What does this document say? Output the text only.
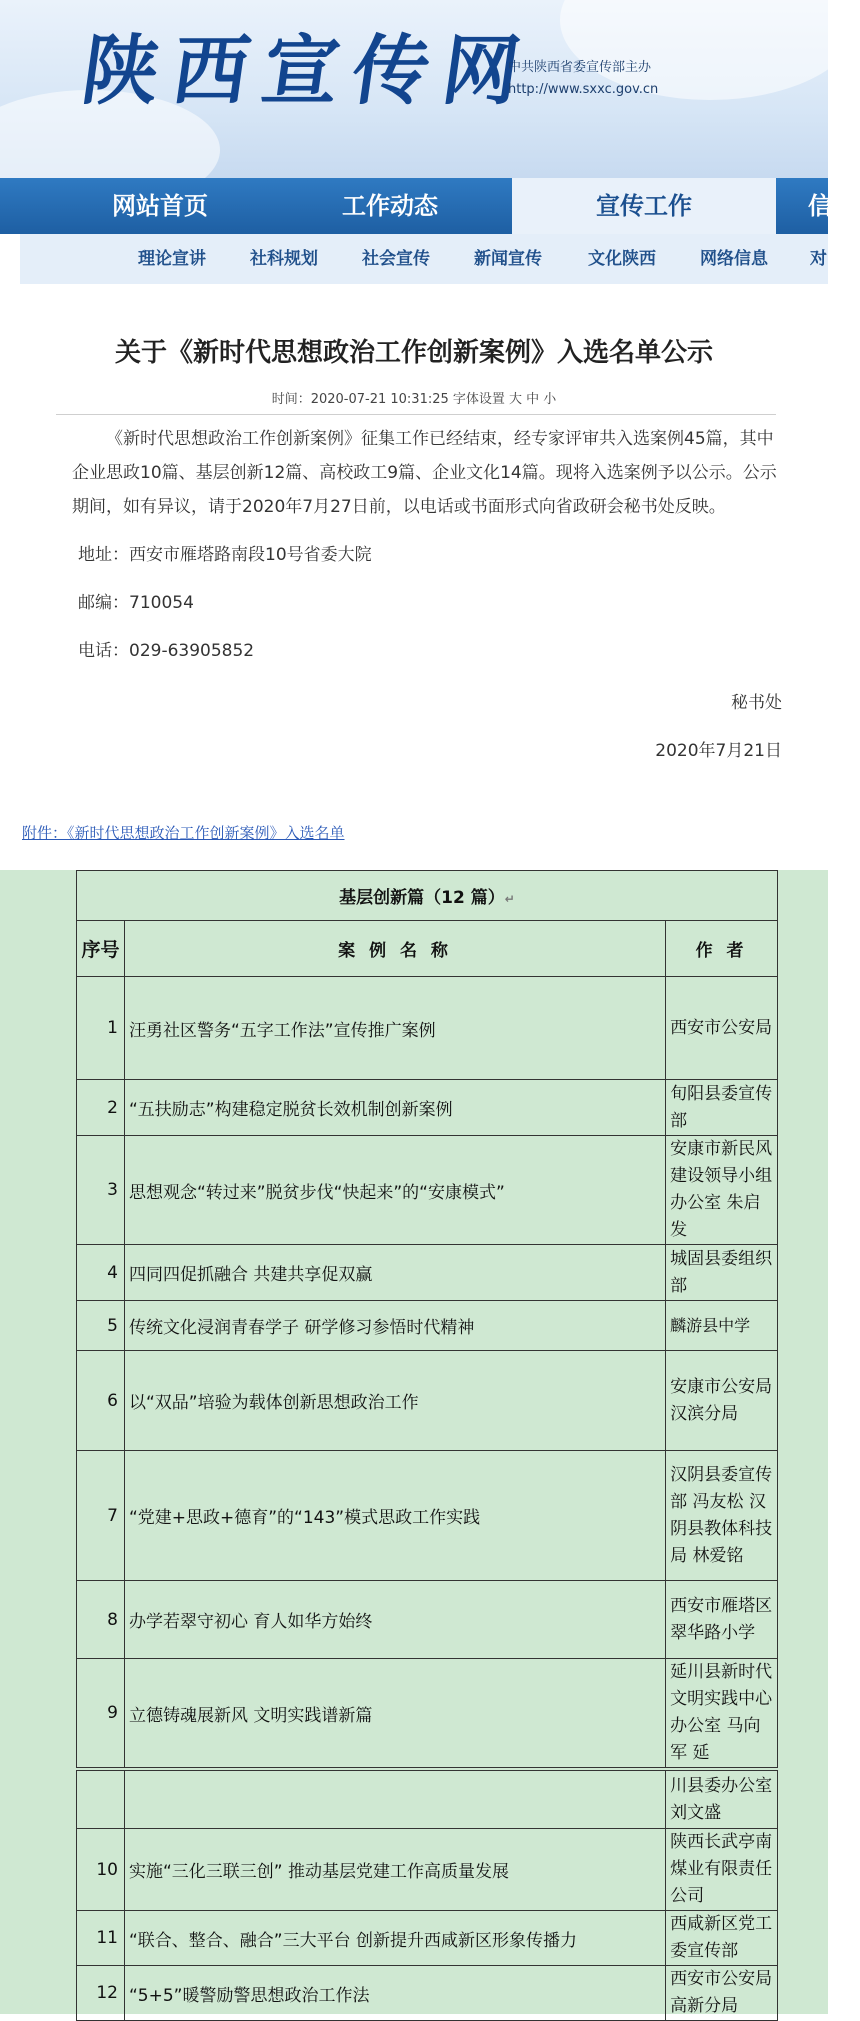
陕西宣传网
中共陕西省委宣传部主办
http://www.sxxc.gov.cn
网站首页	工作动态	宣传工作	信
理论宣讲	社科规划	社会宣传	新闻宣传	文化陕西	网络信息 对
关于《新时代思想政治工作创新案例》入选名单公示
时间：2020-07-21 10:31:25 字体设置 大 中 小
《新时代思想政治工作创新案例》征集工作已经结束，经专家评审共入选案例45篇，其中企业思政10篇、基层创新12篇、高校政工9篇、企业文化14篇。现将入选案例予以公示。公示期间，如有异议，请于2020年7月27日前，以电话或书面形式向省政研会秘书处反映。
地址：西安市雁塔路南段10号省委大院
邮编：710054
电话：029-63905852
秘书处
2020年7月21日
附件：《新时代思想政治工作创新案例》入选名单
基层创新篇（12 篇）↵		
序号	案 例 名 称	作 者
1	汪勇社区警务“五字工作法”宣传推广案例	西安市公安局
2	“五扶励志”构建稳定脱贫长效机制创新案例	旬阳县委宣传部
3	思想观念“转过来”脱贫步伐“快起来”的“安康模式”	安康市新民风建设领导小组办公室 朱启发
4	四同四促抓融合 共建共享促双赢	城固县委组织部
5	传统文化浸润青春学子 研学修习参悟时代精神	麟游县中学
6	以“双品”培验为载体创新思想政治工作	安康市公安局汉滨分局
7	“党建+思政+德育”的“143”模式思政工作实践	汉阴县委宣传部 冯友松 汉阴县教体科技局 林爱铭
8	办学若翠守初心 育人如华方始终	西安市雁塔区翠华路小学
9	立德铸魂展新风 文明实践谱新篇	延川县新时代文明实践中心办公室 马向军 延
		川县委办公室 刘文盛
10	实施“三化三联三创” 推动基层党建工作高质量发展	陕西长武亭南煤业有限责任公司
11	“联合、整合、融合”三大平台 创新提升西咸新区形象传播力	西咸新区党工委宣传部
12	“5+5”暖警励警思想政治工作法	西安市公安局高新分局
